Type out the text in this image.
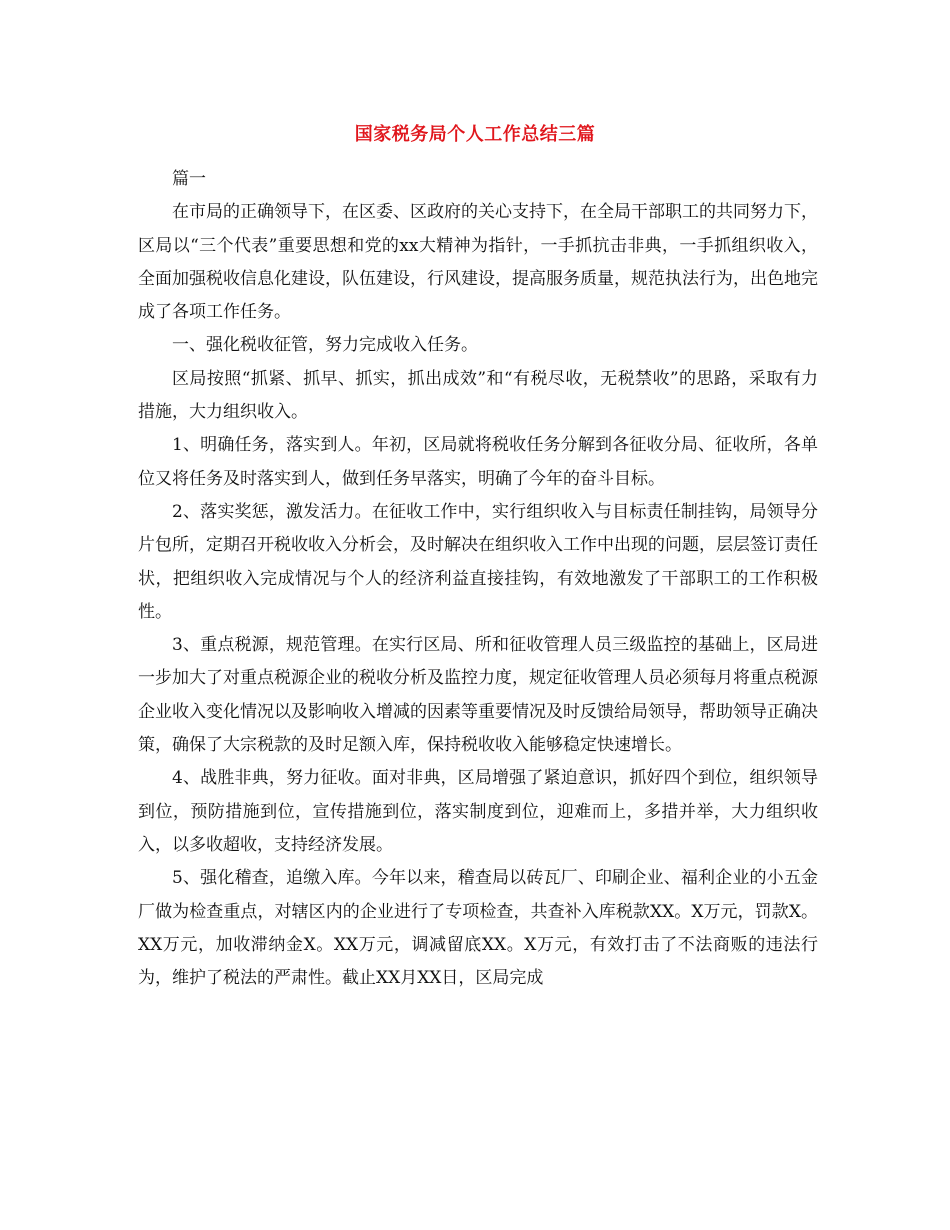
国家税务局个人工作总结三篇

篇一

在市局的正确领导下，在区委、区政府的关心支持下，在全局干部职工的共同努力下，区局以“三个代表”重要思想和党的xx大精神为指针，一手抓抗击非典，一手抓组织收入，全面加强税收信息化建设，队伍建设，行风建设，提高服务质量，规范执法行为，出色地完成了各项工作任务。

一、强化税收征管，努力完成收入任务。

区局按照“抓紧、抓早、抓实，抓出成效”和“有税尽收，无税禁收”的思路，采取有力措施，大力组织收入。

1、明确任务，落实到人。年初，区局就将税收任务分解到各征收分局、征收所，各单位又将任务及时落实到人，做到任务早落实，明确了今年的奋斗目标。

2、落实奖惩，激发活力。在征收工作中，实行组织收入与目标责任制挂钩，局领导分片包所，定期召开税收收入分析会，及时解决在组织收入工作中出现的问题，层层签订责任状，把组织收入完成情况与个人的经济利益直接挂钩，有效地激发了干部职工的工作积极性。

3、重点税源，规范管理。在实行区局、所和征收管理人员三级监控的基础上，区局进一步加大了对重点税源企业的税收分析及监控力度，规定征收管理人员必须每月将重点税源企业收入变化情况以及影响收入增减的因素等重要情况及时反馈给局领导，帮助领导正确决策，确保了大宗税款的及时足额入库，保持税收收入能够稳定快速增长。

4、战胜非典，努力征收。面对非典，区局增强了紧迫意识，抓好四个到位，组织领导到位，预防措施到位，宣传措施到位，落实制度到位，迎难而上，多措并举，大力组织收入，以多收超收，支持经济发展。

5、强化稽查，追缴入库。今年以来，稽查局以砖瓦厂、印刷企业、福利企业的小五金厂做为检查重点，对辖区内的企业进行了专项检查，共查补入库税款XX。X万元，罚款X。XX万元，加收滞纳金X。XX万元，调减留底XX。X万元，有效打击了不法商贩的违法行为，维护了税法的严肃性。截止XX月XX日，区局完成
